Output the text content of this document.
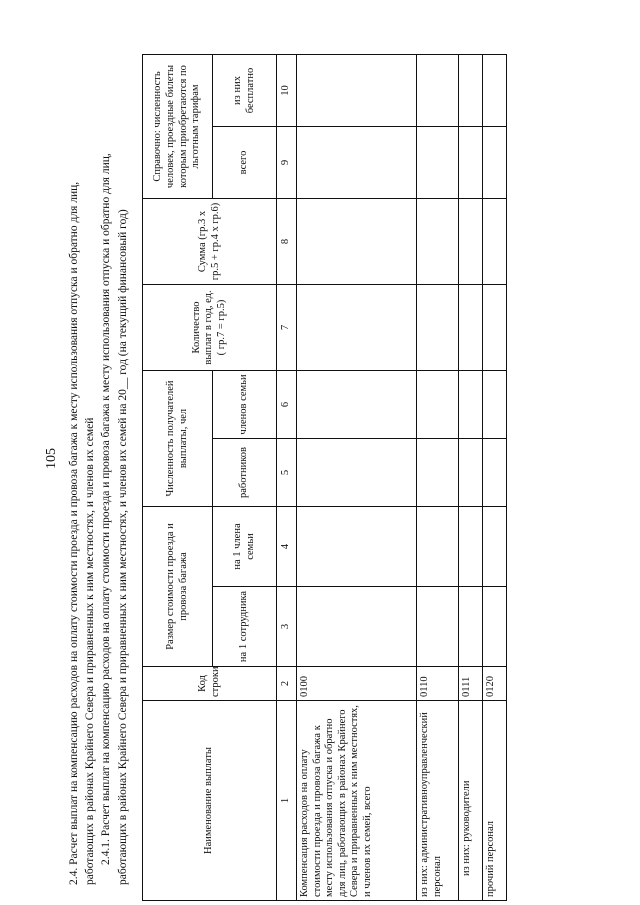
105 2.4. Расчет выплат на компенсацию расходов на оплату стоимости проезда и провоза багажа к месту использования отпуска и обратно для лиц, работающих в районах Крайнего Севера и приравненных к ним местностях, и членов их семей 2.4.1. Расчет выплат на компенсацию расходов на оплату стоимости проезда и провоза багажа к месту использования отпуска и обратно для лиц, работающих в районах Крайнего Севера и приравненных к ним местностях, и членов их семей на 20__ год (на текущий финансовый год)	Наименование выплаты	Код строки	Размер стоимости проезда и провоза багажа		Численность получателей выплаты, чел		Количество выплат в год, ед. ( гр.7 = гр.5)	Сумма (гр.3 x гр.5 + гр.4 x гр.6)	Справочно: численность человек, проездные билеты которым приобретаются по льготным тарифам	
		на 1 сотрудника	на 1 члена семьи	работников	членов семьи			всего	из них бесплатно
1	2	3	4	5	6	7	8	9	10
Компенсация расходов на оплату стоимости проезда и провоза багажа к месту использования отпуска и обратно для лиц, работающих в районах Крайнего Севера и приравненных к ним местностях, и членов их семей, всего	0100								
из них: административноуправленческий персонал	0110								
из них: руководители	0111								
прочий персонал	0120								
